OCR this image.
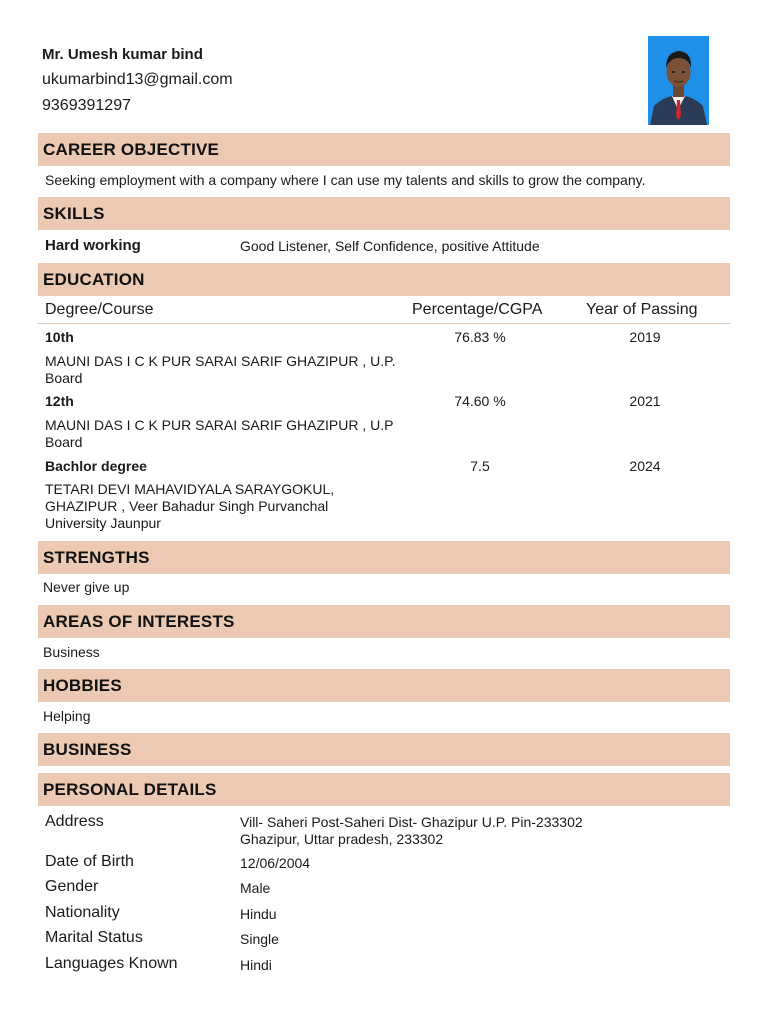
Mr. Umesh kumar bind
ukumarbind13@gmail.com
9369391297
CAREER OBJECTIVE
Seeking employment with a company where I can use my talents and skills to grow the company.
SKILLS
Hard working	Good Listener, Self Confidence, positive Attitude
EDUCATION
Degree/Course	Percentage/CGPA	Year of Passing
10th	76.83 %	2019
MAUNI DAS I C K PUR SARAI SARIF GHAZIPUR , U.P.
Board
12th	74.60 %	2021
MAUNI DAS I C K PUR SARAI SARIF GHAZIPUR , U.P
Board
Bachlor degree	7.5	2024
TETARI DEVI MAHAVIDYALA SARAYGOKUL,
GHAZIPUR , Veer Bahadur Singh Purvanchal
University Jaunpur
STRENGTHS
Never give up
AREAS OF INTERESTS
Business
HOBBIES
Helping
BUSINESS
PERSONAL DETAILS
Address	Vill- Saheri Post-Saheri Dist- Ghazipur U.P. Pin-233302
Ghazipur, Uttar pradesh, 233302
Date of Birth	12/06/2004
Gender	Male
Nationality	Hindu
Marital Status	Single
Languages Known	Hindi
